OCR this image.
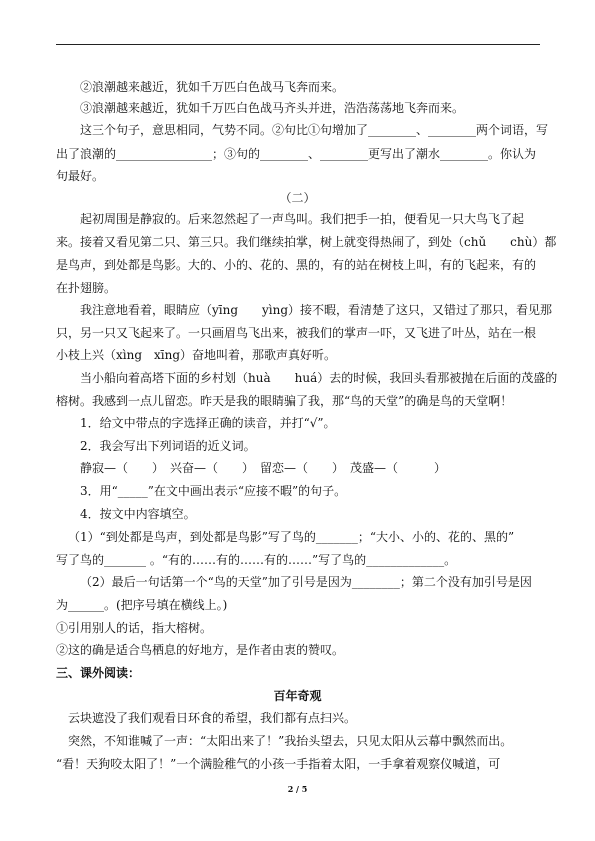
②浪潮越来越近，犹如千万匹白色战马飞奔而来。
③浪潮越来越近，犹如千万匹白色战马齐头并进，浩浩荡荡地飞奔而来。
这三个句子，意思相同，气势不同。②句比①句增加了________、________两个词语，写
出了浪潮的________________；③句的________、________更写出了潮水________。你认为
句最好。
（二）
起初周围是静寂的。后来忽然起了一声鸟叫。我们把手一拍，便看见一只大鸟飞了起
来。接着又看见第二只、第三只。我们继续拍掌，树上就变得热闹了，到处（chǔ　　chù）都
是鸟声，到处都是鸟影。大的、小的、花的、黑的，有的站在树枝上叫，有的飞起来，有的
在扑翅膀。
我注意地看着，眼睛应（yīng　　yìng）接不暇，看清楚了这只，又错过了那只，看见那
只，另一只又飞起来了。一只画眉鸟飞出来，被我们的掌声一吓，又飞进了叶丛，站在一根
小枝上兴（xìng　xīng）奋地叫着，那歌声真好听。
当小船向着高塔下面的乡村划（huà　　huá）去的时候，我回头看那被抛在后面的茂盛的
榕树。我感到一点儿留恋。昨天是我的眼睛骗了我，那“鸟的天堂”的确是鸟的天堂啊！
1．给文中带点的字选择正确的读音，并打“√”。
2．我会写出下列词语的近义词。
静寂—（　　）　兴奋—（　　）　留恋—（　　）　茂盛—（　　　）
3．用“_____”在文中画出表示“应接不暇”的句子。
4．按文中内容填空。
（1）“到处都是鸟声，到处都是鸟影”写了鸟的_______；“大小、小的、花的、黑的”
写了鸟的_______ 。“有的……有的……有的……”写了鸟的_____________。
（2）最后一句话第一个“鸟的天堂”加了引号是因为________；第二个没有加引号是因
为______。(把序号填在横线上。)
①引用别人的话，指大榕树。
②这的确是适合鸟栖息的好地方，是作者由衷的赞叹。
三、课外阅读：
百年奇观
云块遮没了我们观看日环食的希望，我们都有点扫兴。
突然，不知谁喊了一声：“太阳出来了！”我抬头望去，只见太阳从云幕中飘然而出。
“看！天狗咬太阳了！”一个满脸稚气的小孩一手指着太阳，一手拿着观察仪喊道，可
2 / 5
